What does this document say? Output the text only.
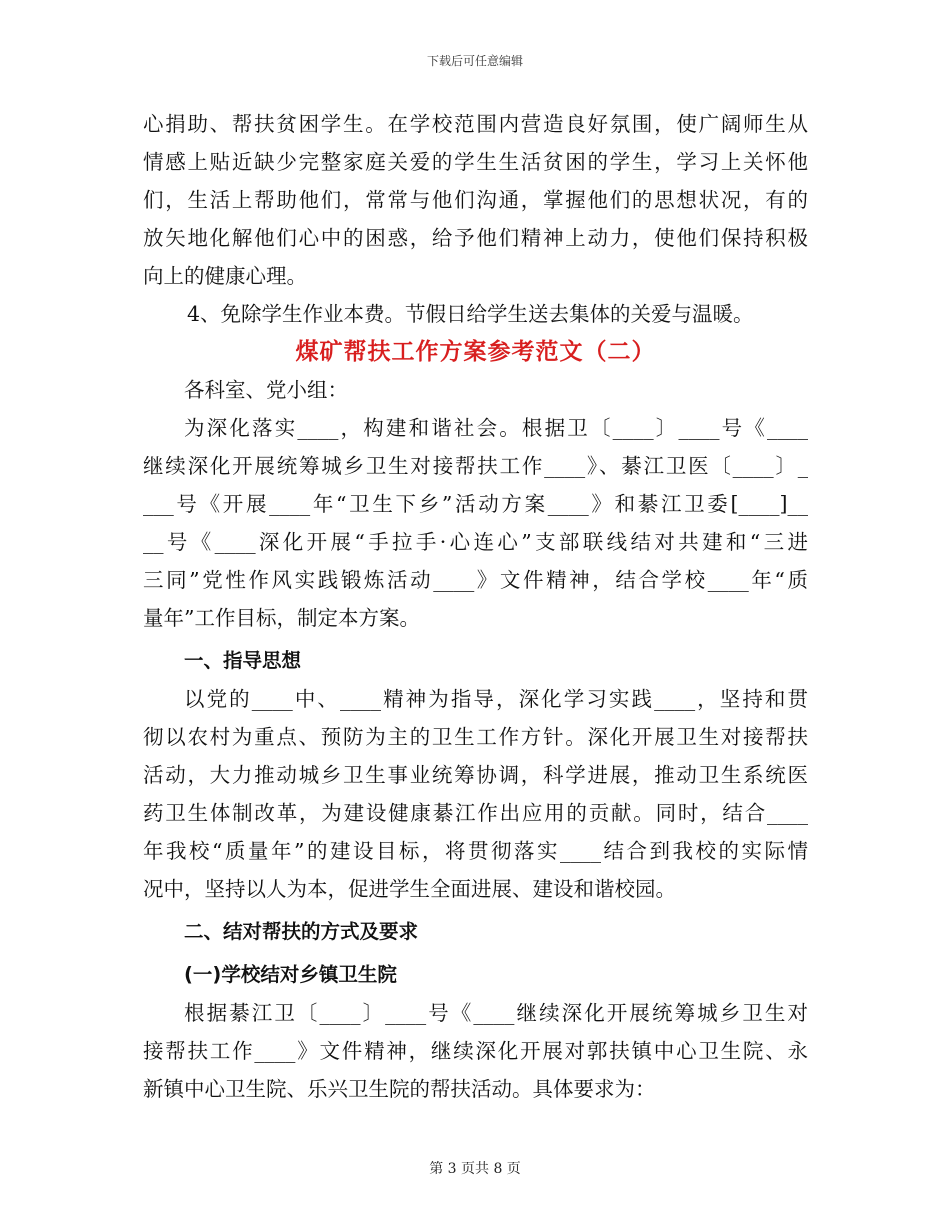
下载后可任意编辑
心捐助、帮扶贫困学生。在学校范围内营造良好氛围，使广阔师生从
情感上贴近缺少完整家庭关爱的学生生活贫困的学生，学习上关怀他
们，生活上帮助他们，常常与他们沟通，掌握他们的思想状况，有的
放矢地化解他们心中的困惑，给予他们精神上动力，使他们保持积极
向上的健康心理。
4、免除学生作业本费。节假日给学生送去集体的关爱与温暖。
煤矿帮扶工作方案参考范文（二）
各科室、党小组：
为深化落实____，构建和谐社会。根据卫〔____〕____号《____
继续深化开展统筹城乡卫生对接帮扶工作____》、綦江卫医〔____〕_
___号《开展____年“卫生下乡”活动方案____》和綦江卫委[____]__
__号《____深化开展“手拉手·心连心”支部联线结对共建和“三进
三同”党性作风实践锻炼活动____》文件精神，结合学校____年“质
量年”工作目标，制定本方案。
一、指导思想
以党的____中、____精神为指导，深化学习实践____，坚持和贯
彻以农村为重点、预防为主的卫生工作方针。深化开展卫生对接帮扶
活动，大力推动城乡卫生事业统筹协调，科学进展，推动卫生系统医
药卫生体制改革，为建设健康綦江作出应用的贡献。同时，结合____
年我校“质量年”的建设目标，将贯彻落实____结合到我校的实际情
况中，坚持以人为本，促进学生全面进展、建设和谐校园。
二、结对帮扶的方式及要求
(一)学校结对乡镇卫生院
根据綦江卫〔____〕____号《____继续深化开展统筹城乡卫生对
接帮扶工作____》文件精神，继续深化开展对郭扶镇中心卫生院、永
新镇中心卫生院、乐兴卫生院的帮扶活动。具体要求为：
第 3 页共 8 页
